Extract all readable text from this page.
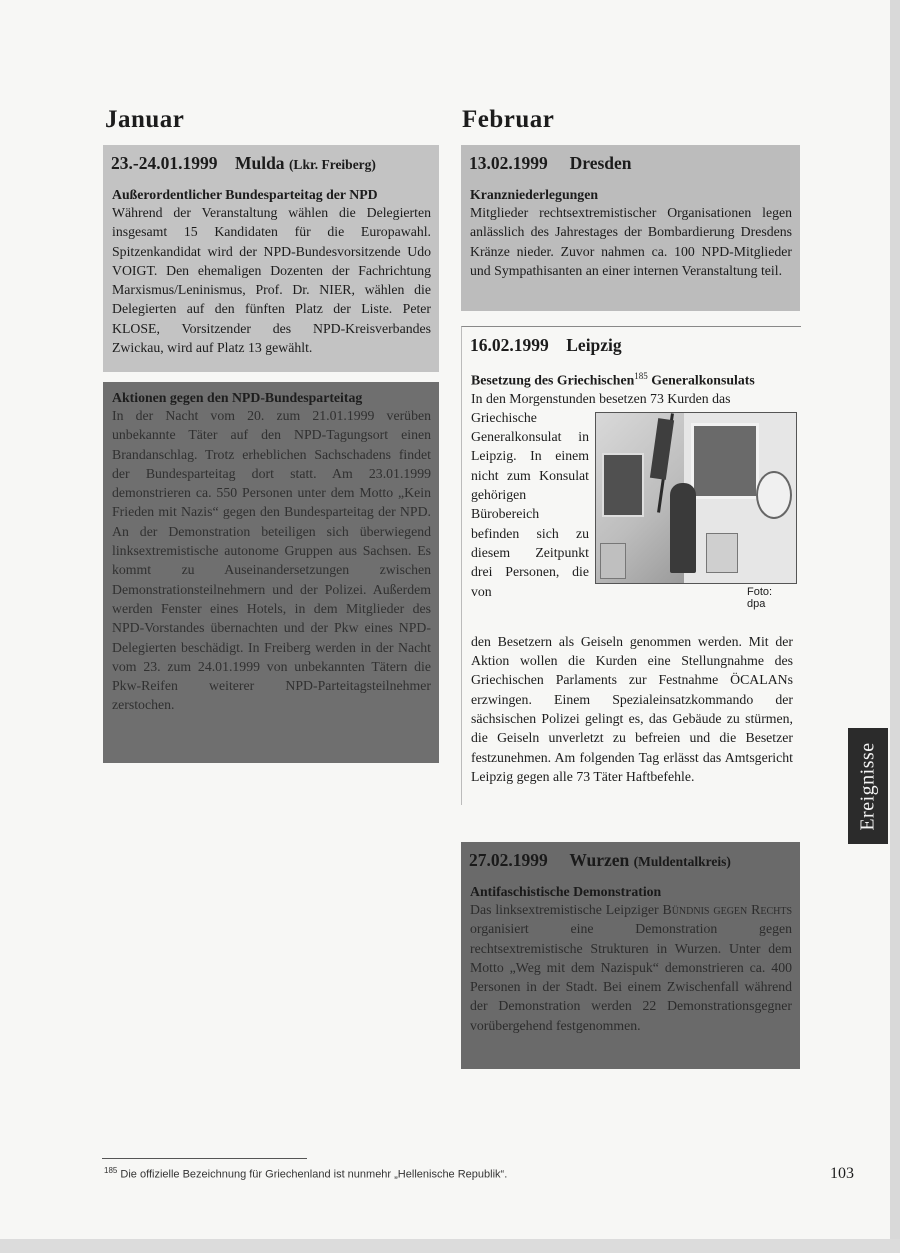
Januar	Februar
23.-24.01.1999 Mulda (Lkr. Freiberg)

Außerordentlicher Bundesparteitag der NPD

Während der Veranstaltung wählen die Delegierten insgesamt 15 Kandidaten für die Europawahl. Spitzenkandidat wird der NPD-Bundesvorsitzende Udo VOIGT. Den ehemaligen Dozenten der Fachrichtung Marxismus/Leninismus, Prof. Dr. NIER, wählen die Delegierten auf den fünften Platz der Liste. Peter KLOSE, Vorsitzender des NPD-Kreisverbandes Zwickau, wird auf Platz 13 gewählt.

Aktionen gegen den NPD-Bundesparteitag

In der Nacht vom 20. zum 21.01.1999 verüben unbekannte Täter auf den NPD-Tagungsort einen Brandanschlag. Trotz erheblichen Sachschadens findet der Bundesparteitag dort statt. Am 23.01.1999 demonstrieren ca. 550 Personen unter dem Motto „Kein Frieden mit Nazis“ gegen den Bundesparteitag der NPD. An der Demonstration beteiligen sich überwiegend linksextremistische autonome Gruppen aus Sachsen. Es kommt zu Auseinandersetzungen zwischen Demonstrationsteilnehmern und der Polizei. Außerdem werden Fenster eines Hotels, in dem Mitglieder des NPD-Vorstandes übernachten und der Pkw eines NPD-Delegierten beschädigt. In Freiberg werden in der Nacht vom 23. zum 24.01.1999 von unbekannten Tätern die Pkw-Reifen weiterer NPD-Parteitagsteilnehmer zerstochen.

13.02.1999 Dresden

Kranzniederlegungen

Mitglieder rechtsextremistischer Organisationen legen anlässlich des Jahrestages der Bombardierung Dresdens Kränze nieder. Zuvor nahmen ca. 100 NPD-Mitglieder und Sympathisanten an einer internen Veranstaltung teil.

16.02.1999 Leipzig

Besetzung des Griechischen$^{185}$ Generalkonsulats

In den Morgenstunden besetzen 73 Kurden das

Griechische Generalkonsulat in Leipzig. In einem nicht zum Konsulat gehörigen Bürobereich befinden sich zu diesem Zeitpunkt drei Personen, die von	Foto: dpa

den Besetzern als Geiseln genommen werden. Mit der Aktion wollen die Kurden eine Stellungnahme des Griechischen Parlaments zur Festnahme ÖCALANs erzwingen. Einem Spezialeinsatzkommando der sächsischen Polizei gelingt es, das Gebäude zu stürmen, die Geiseln unverletzt zu befreien und die Besetzer festzunehmen. Am folgenden Tag erlässt das Amtsgericht Leipzig gegen alle 73 Täter Haftbefehle.

27.02.1999 Wurzen (Muldentalkreis)

Antifaschistische Demonstration

Das linksextremistische Leipziger Bündnis gegen Rechts organisiert eine Demonstration gegen rechtsextremistische Strukturen in Wurzen. Unter dem Motto „Weg mit dem Nazispuk“ demonstrieren ca. 400 Personen in der Stadt. Bei einem Zwischenfall während der Demonstration werden 22 Demonstrationsgegner vorübergehend festgenommen.

Ereignisse
$^{185}$ Die offizielle Bezeichnung für Griechenland ist nunmehr „Hellenische Republik“.	103
